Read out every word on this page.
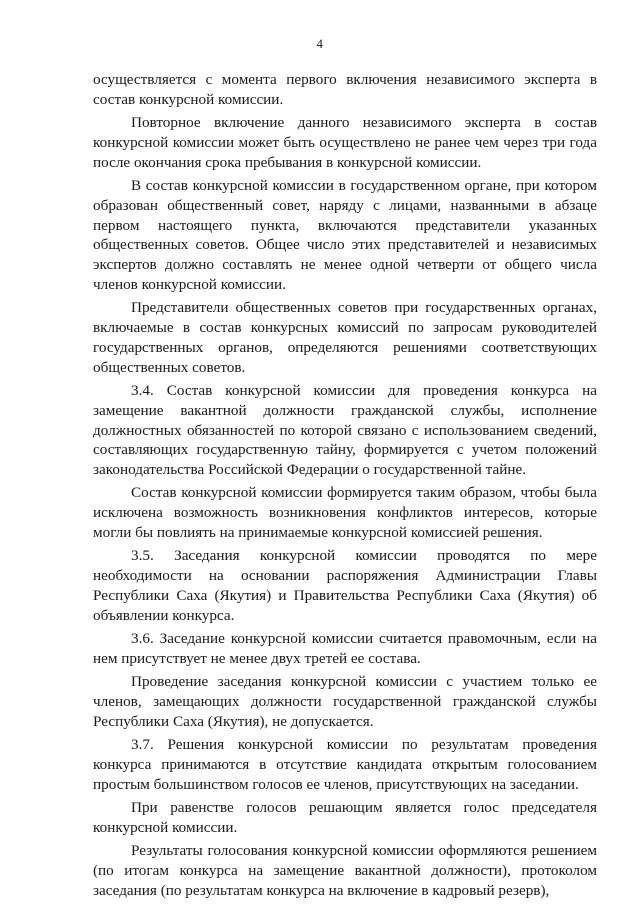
4

осуществляется с момента первого включения независимого эксперта в состав конкурсной комиссии.

Повторное включение данного независимого эксперта в состав конкурсной комиссии может быть осуществлено не ранее чем через три года после окончания срока пребывания в конкурсной комиссии.

В состав конкурсной комиссии в государственном органе, при котором образован общественный совет, наряду с лицами, названными в абзаце первом настоящего пункта, включаются представители указанных общественных советов. Общее число этих представителей и независимых экспертов должно составлять не менее одной четверти от общего числа членов конкурсной комиссии.

Представители общественных советов при государственных органах, включаемые в состав конкурсных комиссий по запросам руководителей государственных органов, определяются решениями соответствующих общественных советов.

3.4. Состав конкурсной комиссии для проведения конкурса на замещение вакантной должности гражданской службы, исполнение должностных обязанностей по которой связано с использованием сведений, составляющих государственную тайну, формируется с учетом положений законодательства Российской Федерации о государственной тайне.

Состав конкурсной комиссии формируется таким образом, чтобы была исключена возможность возникновения конфликтов интересов, которые могли бы повлиять на принимаемые конкурсной комиссией решения.

3.5. Заседания конкурсной комиссии проводятся по мере необходимости на основании распоряжения Администрации Главы Республики Саха (Якутия) и Правительства Республики Саха (Якутия) об объявлении конкурса.

3.6. Заседание конкурсной комиссии считается правомочным, если на нем присутствует не менее двух третей ее состава.

Проведение заседания конкурсной комиссии с участием только ее членов, замещающих должности государственной гражданской службы Республики Саха (Якутия), не допускается.

3.7. Решения конкурсной комиссии по результатам проведения конкурса принимаются в отсутствие кандидата открытым голосованием простым большинством голосов ее членов, присутствующих на заседании.

При равенстве голосов решающим является голос председателя конкурсной комиссии.

Результаты голосования конкурсной комиссии оформляются решением (по итогам конкурса на замещение вакантной должности), протоколом заседания (по результатам конкурса на включение в кадровый резерв),
